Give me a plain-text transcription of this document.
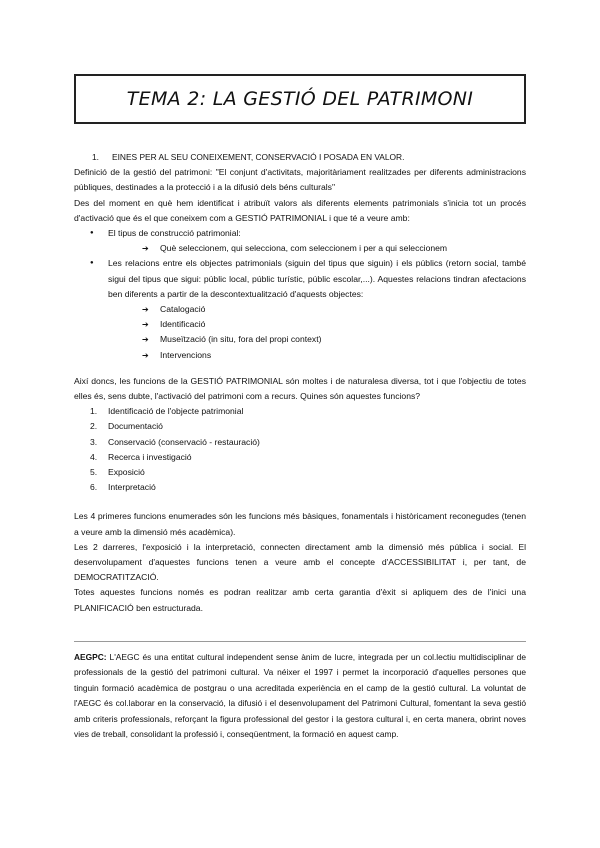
TEMA 2: LA GESTIÓ DEL PATRIMONI

1. EINES PER AL SEU CONEIXEMENT, CONSERVACIÓ I POSADA EN VALOR.

Definició de la gestió del patrimoni: "El conjunt d'activitats, majoritàriament realitzades per diferents administracions públiques, destinades a la protecció i a la difusió dels béns culturals"

Des del moment en què hem identificat i atribuït valors als diferents elements patrimonials s'inicia tot un procés d'activació que és el que coneixem com a GESTIÓ PATRIMONIAL i que té a veure amb:

● El tipus de construcció patrimonial:
➔ Què seleccionem, qui selecciona, com seleccionem i per a qui seleccionem
● Les relacions entre els objectes patrimonials (siguin del tipus que siguin) i els públics (retorn social, també sigui del tipus que sigui: públic local, públic turístic, públic escolar,...). Aquestes relacions tindran afectacions ben diferents a partir de la descontextualització d'aquests objectes:
➔ Catalogació
➔ Identificació
➔ Museïtzació (in situ, fora del propi context)
➔ Intervencions

Així doncs, les funcions de la GESTIÓ PATRIMONIAL són moltes i de naturalesa diversa, tot i que l'objectiu de totes elles és, sens dubte, l'activació del patrimoni com a recurs. Quines són aquestes funcions?

1. Identificació de l'objecte patrimonial
2. Documentació
3. Conservació (conservació - restauració)
4. Recerca i investigació
5. Exposició
6. Interpretació

Les 4 primeres funcions enumerades són les funcions més bàsiques, fonamentals i històricament reconegudes (tenen a veure amb la dimensió més acadèmica).

Les 2 darreres, l'exposició i la interpretació, connecten directament amb la dimensió més pública i social. El desenvolupament d'aquestes funcions tenen a veure amb el concepte d'ACCESSIBILITAT i, per tant, de DEMOCRATITZACIÓ.

Totes aquestes funcions només es podran realitzar amb certa garantia d'èxit si apliquem des de l'inici una PLANIFICACIÓ ben estructurada.

AEGPC: L'AEGC és una entitat cultural independent sense ànim de lucre, integrada per un col.lectiu multidisciplinar de professionals de la gestió del patrimoni cultural. Va néixer el 1997 i permet la incorporació d'aquelles persones que tinguin formació acadèmica de postgrau o una acreditada experiència en el camp de la gestió cultural. La voluntat de l'AEGC és col.laborar en la conservació, la difusió i el desenvolupament del Patrimoni Cultural, fomentant la seva gestió amb criteris professionals, reforçant la figura professional del gestor i la gestora cultural i, en certa manera, obrint noves vies de treball, consolidant la professió i, conseqüentment, la formació en aquest camp.
